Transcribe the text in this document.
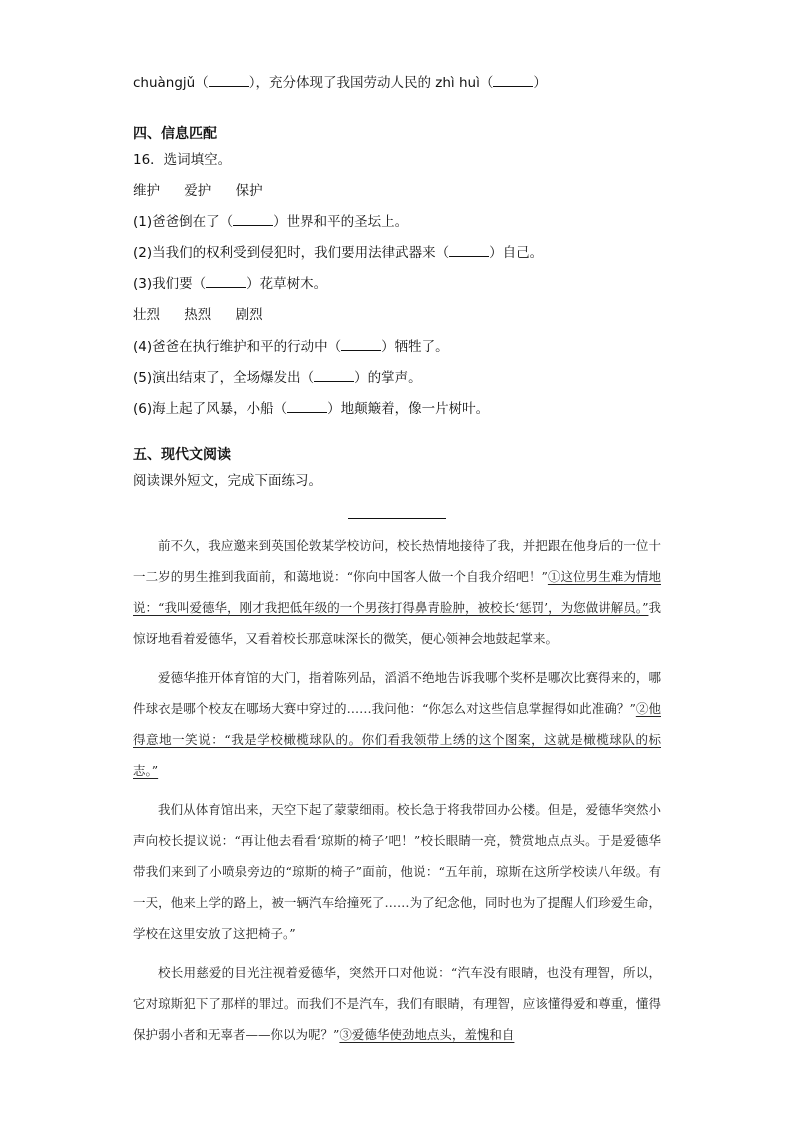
chuàngjǔ（	），充分体现了我国劳动人民的 zhì huì（	）
四、信息匹配
16．选词填空。
维护 爱护 保护
(1)爸爸倒在了（	）世界和平的圣坛上。
(2)当我们的权利受到侵犯时，我们要用法律武器来（	）自己。
(3)我们要（	）花草树木。
壮烈 热烈 剧烈
(4)爸爸在执行维护和平的行动中（	）牺牲了。
(5)演出结束了，全场爆发出（	）的掌声。
(6)海上起了风暴，小船（	）地颠簸着，像一片树叶。
五、现代文阅读
阅读课外短文，完成下面练习。

前不久，我应邀来到英国伦敦某学校访问，校长热情地接待了我，并把跟在他身后的一位十一二岁的男生推到我面前，和蔼地说：“你向中国客人做一个自我介绍吧！”①这位男生难为情地说：“我叫爱德华，刚才我把低年级的一个男孩打得鼻青脸肿，被校长‘惩罚’，为您做讲解员。”我惊讶地看着爱德华，又看着校长那意味深长的微笑，便心领神会地鼓起掌来。

爱德华推开体育馆的大门，指着陈列品，滔滔不绝地告诉我哪个奖杯是哪次比赛得来的，哪件球衣是哪个校友在哪场大赛中穿过的……我问他：“你怎么对这些信息掌握得如此准确？”②他得意地一笑说：“我是学校橄榄球队的。你们看我领带上绣的这个图案，这就是橄榄球队的标志。”

我们从体育馆出来，天空下起了蒙蒙细雨。校长急于将我带回办公楼。但是，爱德华突然小声向校长提议说：“再让他去看看‘琼斯的椅子’吧！”校长眼睛一亮，赞赏地点点头。于是爱德华带我们来到了小喷泉旁边的“琼斯的椅子”面前，他说：“五年前，琼斯在这所学校读八年级。有一天，他来上学的路上，被一辆汽车给撞死了……为了纪念他，同时也为了提醒人们珍爱生命，学校在这里安放了这把椅子。”

校长用慈爱的目光注视着爱德华，突然开口对他说：“汽车没有眼睛，也没有理智，所以，它对琼斯犯下了那样的罪过。而我们不是汽车，我们有眼睛，有理智，应该懂得爱和尊重，懂得保护弱小者和无辜者——你以为呢？”③爱德华使劲地点头，羞愧和自
